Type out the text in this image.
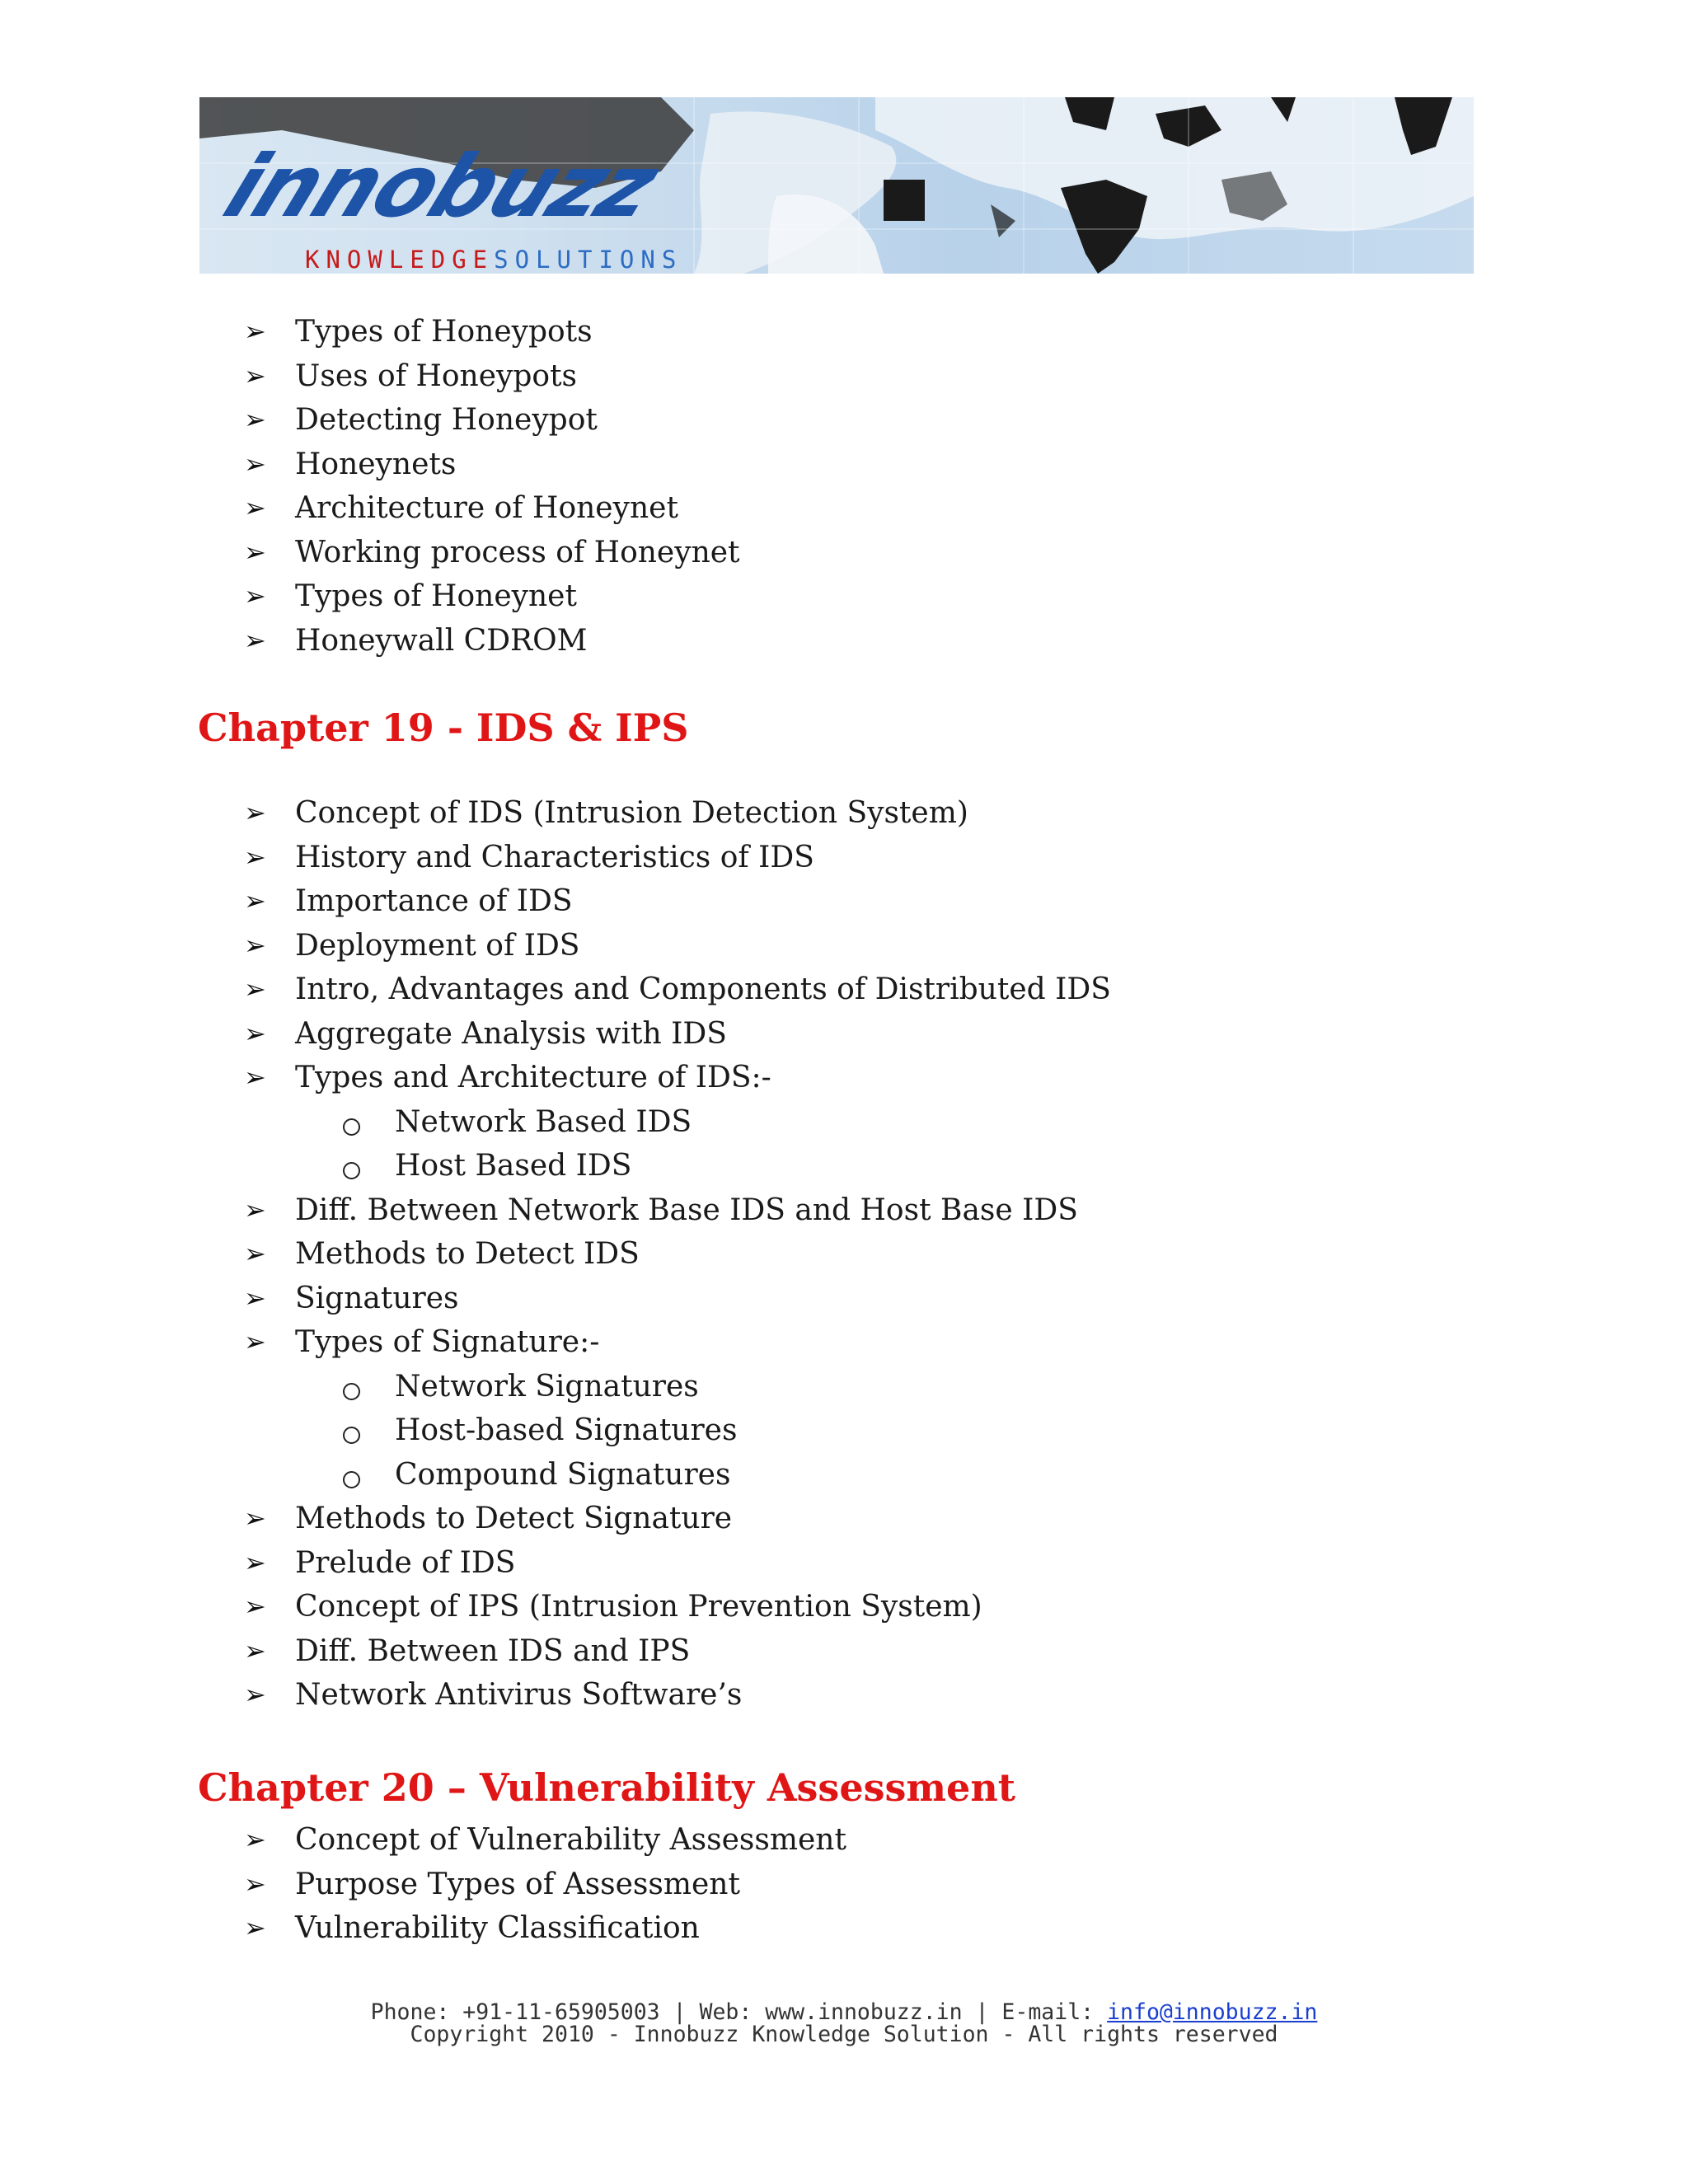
innobuzz
KNOWLEDGESOLUTIONS
➢ Types of Honeypots
➢ Uses of Honeypots
➢ Detecting Honeypot
➢ Honeynets
➢ Architecture of Honeynet
➢ Working process of Honeynet
➢ Types of Honeynet
➢ Honeywall CDROM
Chapter 19 - IDS & IPS
➢ Concept of IDS (Intrusion Detection System)
➢ History and Characteristics of IDS
➢ Importance of IDS
➢ Deployment of IDS
➢ Intro, Advantages and Components of Distributed IDS
➢ Aggregate Analysis with IDS
➢ Types and Architecture of IDS:-
Network Based IDS
Host Based IDS
➢ Diff. Between Network Base IDS and Host Base IDS
➢ Methods to Detect IDS
➢ Signatures
➢ Types of Signature:-
Network Signatures
Host-based Signatures
Compound Signatures
➢ Methods to Detect Signature
➢ Prelude of IDS
➢ Concept of IPS (Intrusion Prevention System)
➢ Diff. Between IDS and IPS
➢ Network Antivirus Software’s
Chapter 20 – Vulnerability Assessment
➢ Concept of Vulnerability Assessment
➢ Purpose Types of Assessment
➢ Vulnerability Classification
Phone: +91-11-65905003 | Web: www.innobuzz.in | E-mail: info@innobuzz.in
Copyright 2010 - Innobuzz Knowledge Solution - All rights reserved
